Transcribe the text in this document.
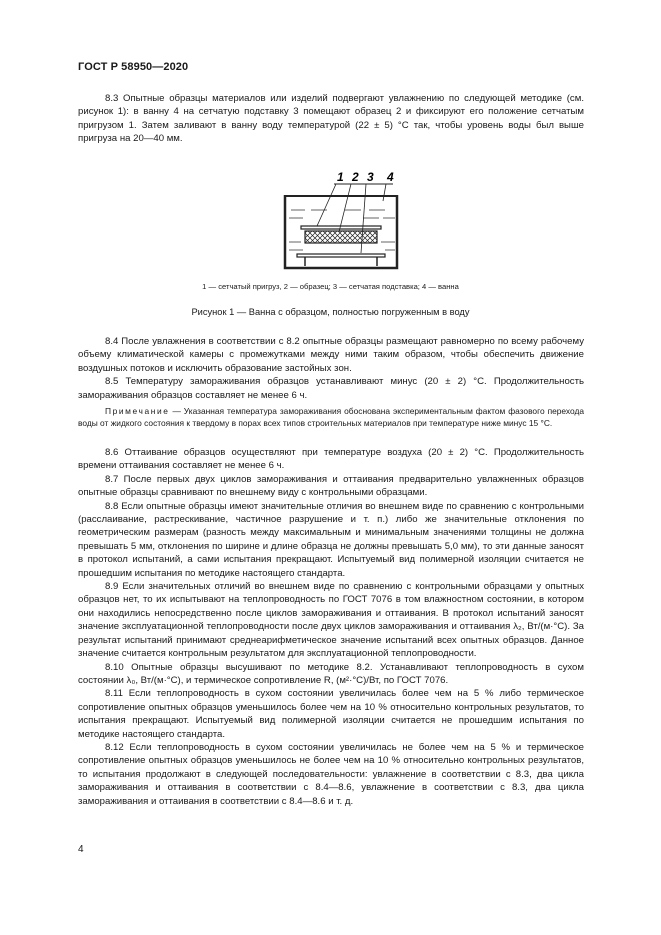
ГОСТ Р 58950—2020

8.3 Опытные образцы материалов или изделий подвергают увлажнению по следующей методике (см. рисунок 1): в ванну 4 на сетчатую подставку 3 помещают образец 2 и фиксируют его положение сетчатым пригрузом 1. Затем заливают в ванну воду температурой (22 ± 5) °С так, чтобы уровень воды был выше пригруза на 20—40 мм.

1 2 3 4
1 — сетчатый пригруз, 2 — образец; 3 — сетчатая подставка; 4 — ванна
Рисунок 1 — Ванна с образцом, полностью погруженным в воду

8.4 После увлажнения в соответствии с 8.2 опытные образцы размещают равномерно по всему рабочему объему климатической камеры с промежутками между ними таким образом, чтобы обеспечить движение воздушных потоков и исключить образование застойных зон.

8.5 Температуру замораживания образцов устанавливают минус (20 ± 2) °С. Продолжительность замораживания образцов составляет не менее 6 ч.

Примечание — Указанная температура замораживания обоснована экспериментальным фактом фазового перехода воды от жидкого состояния к твердому в порах всех типов строительных материалов при температуре ниже минус 15 °С.

8.6 Оттаивание образцов осуществляют при температуре воздуха (20 ± 2) °С. Продолжительность времени оттаивания составляет не менее 6 ч.

8.7 После первых двух циклов замораживания и оттаивания предварительно увлажненных образцов опытные образцы сравнивают по внешнему виду с контрольными образцами.

8.8 Если опытные образцы имеют значительные отличия во внешнем виде по сравнению с контрольными (расслаивание, растрескивание, частичное разрушение и т. п.) либо же значительные отклонения по геометрическим размерам (разность между максимальным и минимальным значениями толщины не должна превышать 5 мм, отклонения по ширине и длине образца не должны превышать 5,0 мм), то эти данные заносят в протокол испытаний, а сами испытания прекращают. Испытуемый вид полимерной изоляции считается не прошедшим испытания по методике настоящего стандарта.

8.9 Если значительных отличий во внешнем виде по сравнению с контрольными образцами у опытных образцов нет, то их испытывают на теплопроводность по ГОСТ 7076 в том влажностном состоянии, в котором они находились непосредственно после циклов замораживания и оттаивания. В протокол испытаний заносят значение эксплуатационной теплопроводности после двух циклов замораживания и оттаивания λ₂, Вт/(м·°С). За результат испытаний принимают среднеарифметическое значение испытаний всех опытных образцов. Данное значение считается контрольным результатом для эксплуатационной теплопроводности.

8.10 Опытные образцы высушивают по методике 8.2. Устанавливают теплопроводность в сухом состоянии λ₀, Вт/(м·°С), и термическое сопротивление R, (м²·°С)/Вт, по ГОСТ 7076.

8.11 Если теплопроводность в сухом состоянии увеличилась более чем на 5 % либо термическое сопротивление опытных образцов уменьшилось более чем на 10 % относительно контрольных результатов, то испытания прекращают. Испытуемый вид полимерной изоляции считается не прошедшим испытания по методике настоящего стандарта.

8.12 Если теплопроводность в сухом состоянии увеличилась не более чем на 5 % и термическое сопротивление опытных образцов уменьшилось не более чем на 10 % относительно контрольных результатов, то испытания продолжают в следующей последовательности: увлажнение в соответствии с 8.3, два цикла замораживания и оттаивания в соответствии с 8.4—8.6, увлажнение в соответствии с 8.3, два цикла замораживания и оттаивания в соответствии с 8.4—8.6 и т. д.

4
